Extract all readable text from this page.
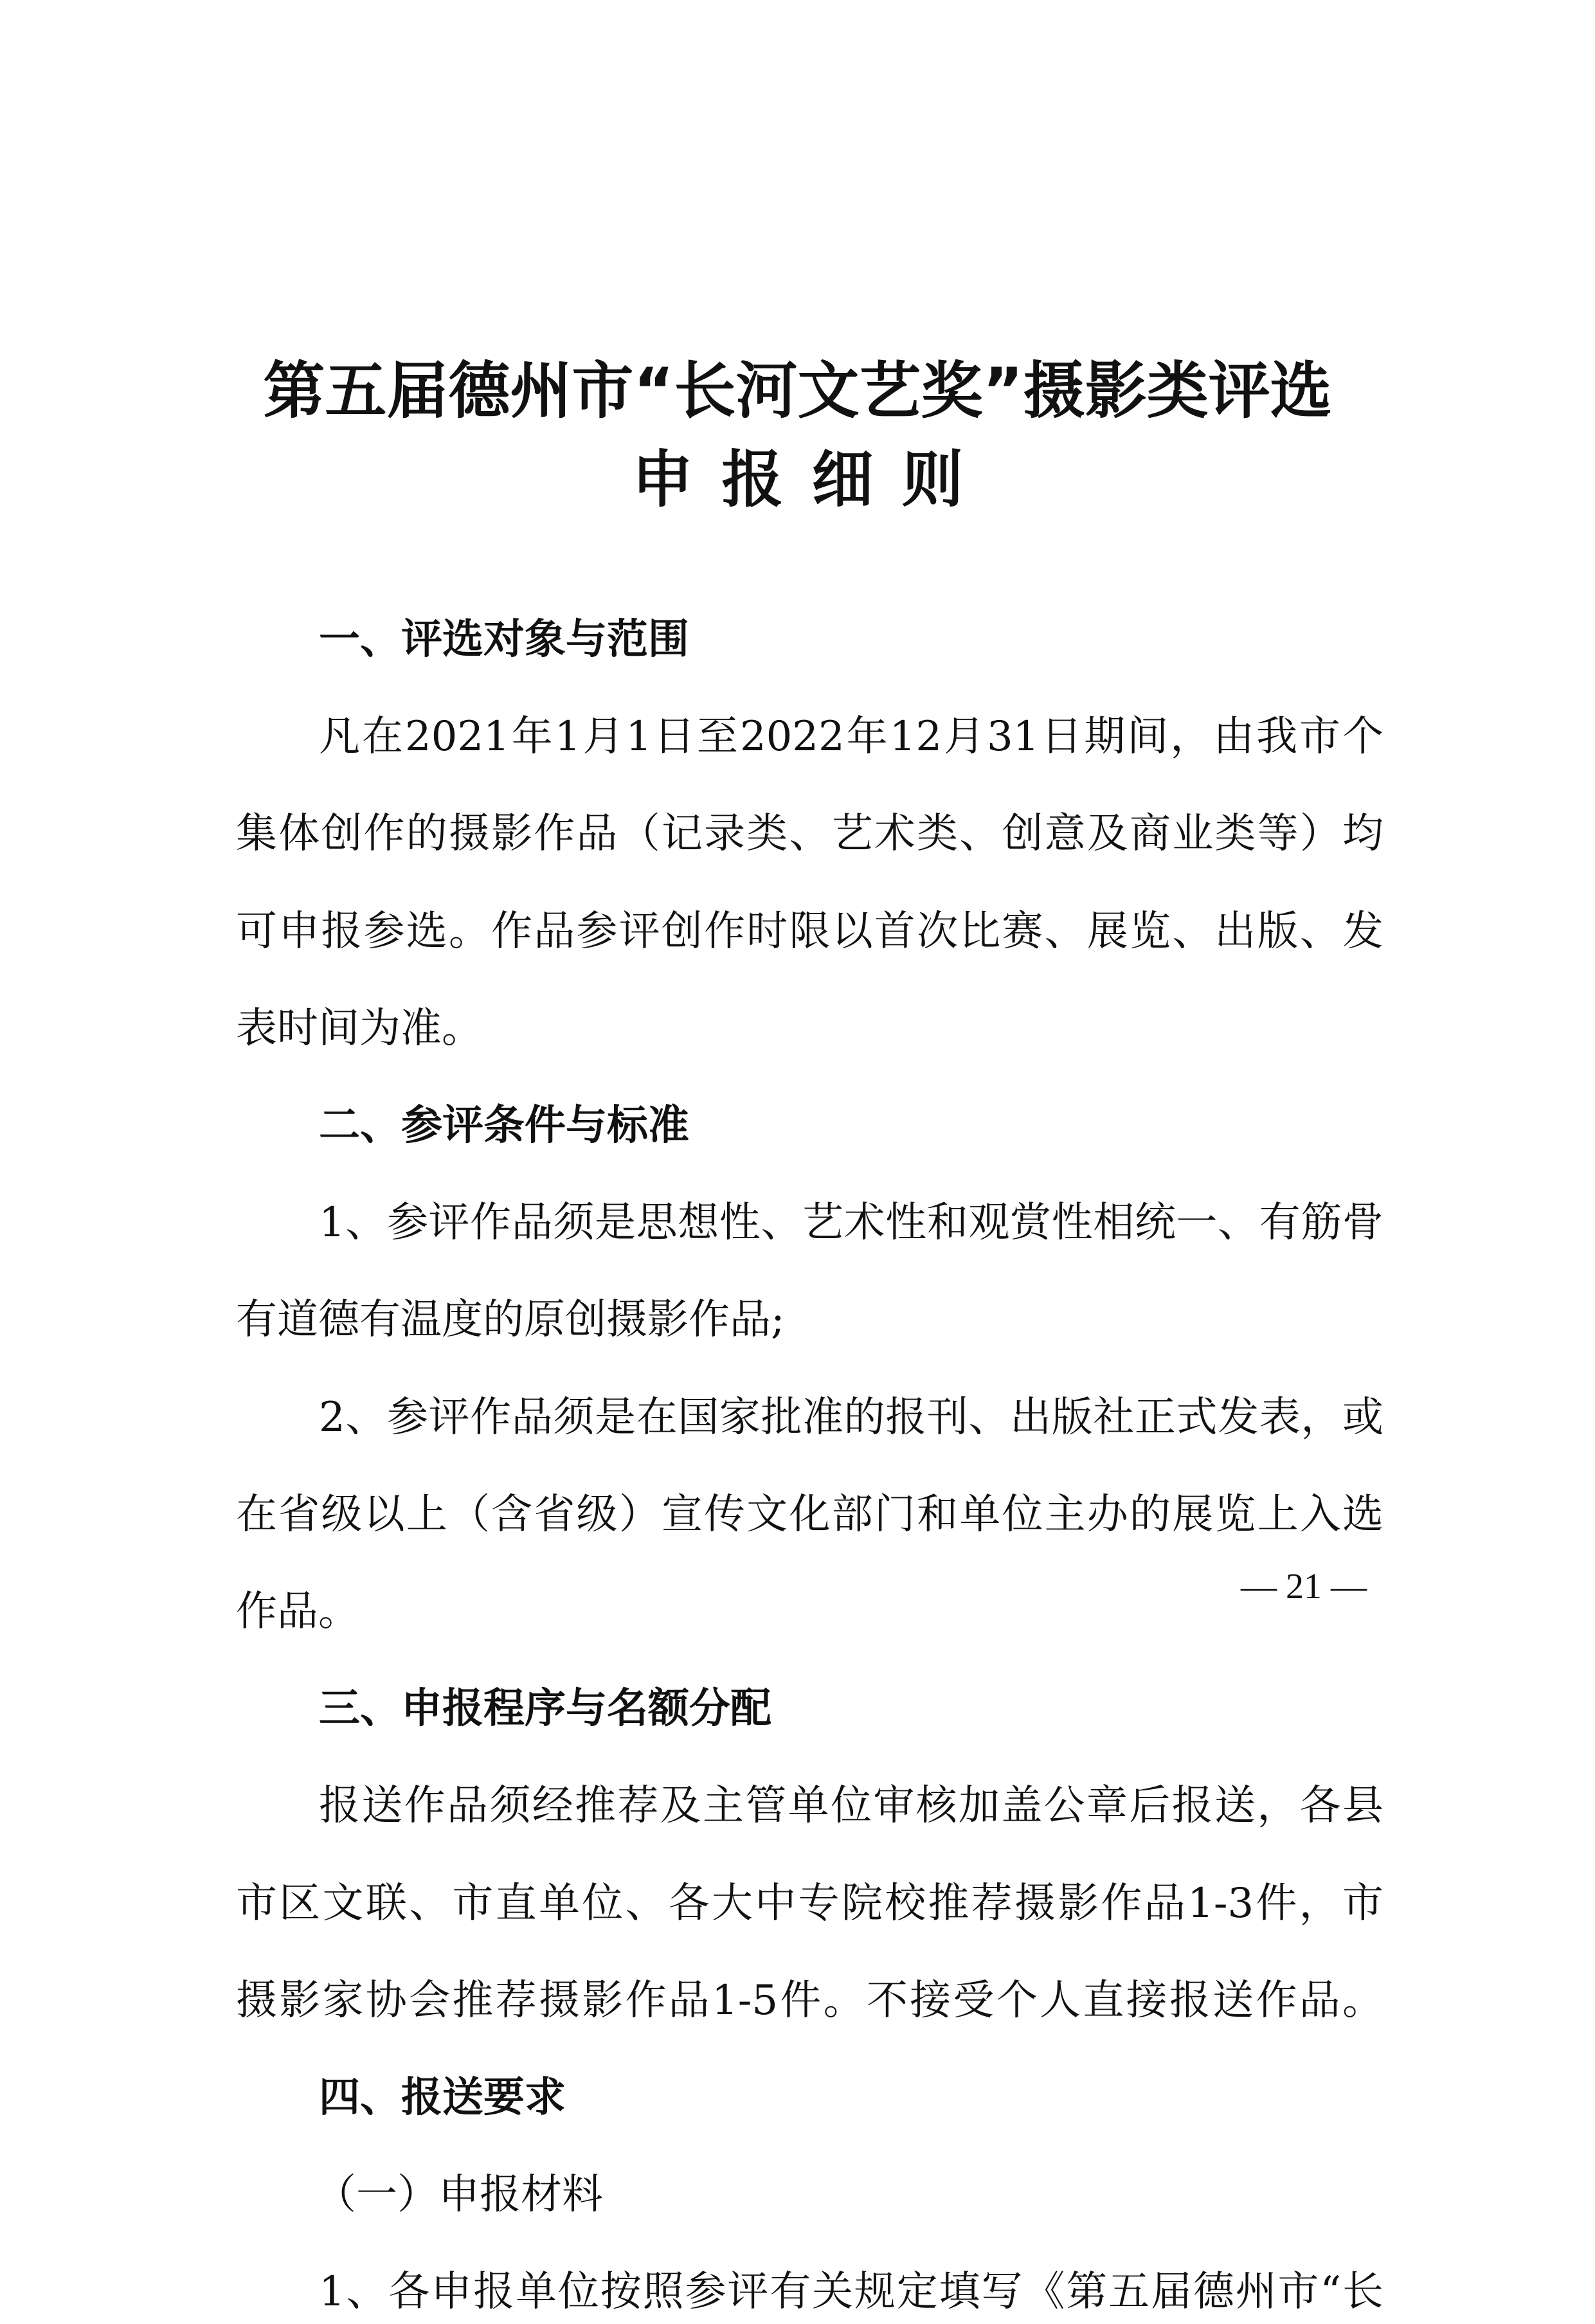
第五届德州市“长河文艺奖”摄影类评选
申报细则

一、评选对象与范围

凡在2021年1月1日至2022年12月31日期间，由我市个

集体创作的摄影作品（记录类、艺术类、创意及商业类等）均

可申报参选。作品参评创作时限以首次比赛、展览、出版、发

表时间为准。

二、参评条件与标准

1、参评作品须是思想性、艺术性和观赏性相统一、有筋骨

有道德有温度的原创摄影作品;

2、参评作品须是在国家批准的报刊、出版社正式发表，或

在省级以上（含省级）宣传文化部门和单位主办的展览上入选

作品。

三、申报程序与名额分配

报送作品须经推荐及主管单位审核加盖公章后报送，各县

市区文联、市直单位、各大中专院校推荐摄影作品1-3件，市

摄影家协会推荐摄影作品1-5件。不接受个人直接报送作品。

四、报送要求

（一）申报材料

1、各申报单位按照参评有关规定填写《第五届德州市“长

— 21 —
